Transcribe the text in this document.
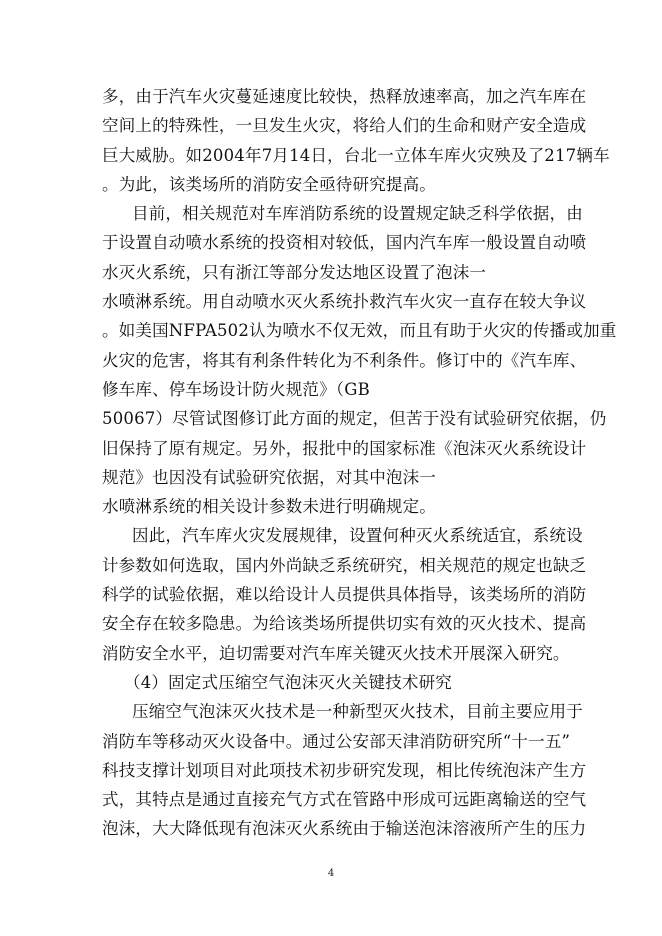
多，由于汽车火灾蔓延速度比较快，热释放速率高，加之汽车库在
空间上的特殊性，一旦发生火灾，将给人们的生命和财产安全造成
巨大威胁。如2004年7月14日，台北一立体车库火灾殃及了217辆车
。为此，该类场所的消防安全亟待研究提高。
目前，相关规范对车库消防系统的设置规定缺乏科学依据，由
于设置自动喷水系统的投资相对较低，国内汽车库一般设置自动喷
水灭火系统，只有浙江等部分发达地区设置了泡沫一
水喷淋系统。用自动喷水灭火系统扑救汽车火灾一直存在较大争议
。如美国NFPA502认为喷水不仅无效，而且有助于火灾的传播或加重
火灾的危害，将其有利条件转化为不利条件。修订中的《汽车库、
修车库、停车场设计防火规范》（GB
50067）尽管试图修订此方面的规定，但苦于没有试验研究依据，仍
旧保持了原有规定。另外，报批中的国家标准《泡沫灭火系统设计
规范》也因没有试验研究依据，对其中泡沫一
水喷淋系统的相关设计参数未进行明确规定。
因此，汽车库火灾发展规律，设置何种灭火系统适宜，系统设
计参数如何选取，国内外尚缺乏系统研究，相关规范的规定也缺乏
科学的试验依据，难以给设计人员提供具体指导，该类场所的消防
安全存在较多隐患。为给该类场所提供切实有效的灭火技术、提高
消防安全水平，迫切需要对汽车库关键灭火技术开展深入研究。
（4）固定式压缩空气泡沫灭火关键技术研究
压缩空气泡沫灭火技术是一种新型灭火技术，目前主要应用于
消防车等移动灭火设备中。通过公安部天津消防研究所“十一五”
科技支撑计划项目对此项技术初步研究发现，相比传统泡沫产生方
式，其特点是通过直接充气方式在管路中形成可远距离输送的空气
泡沫，大大降低现有泡沫灭火系统由于输送泡沫溶液所产生的压力
4
